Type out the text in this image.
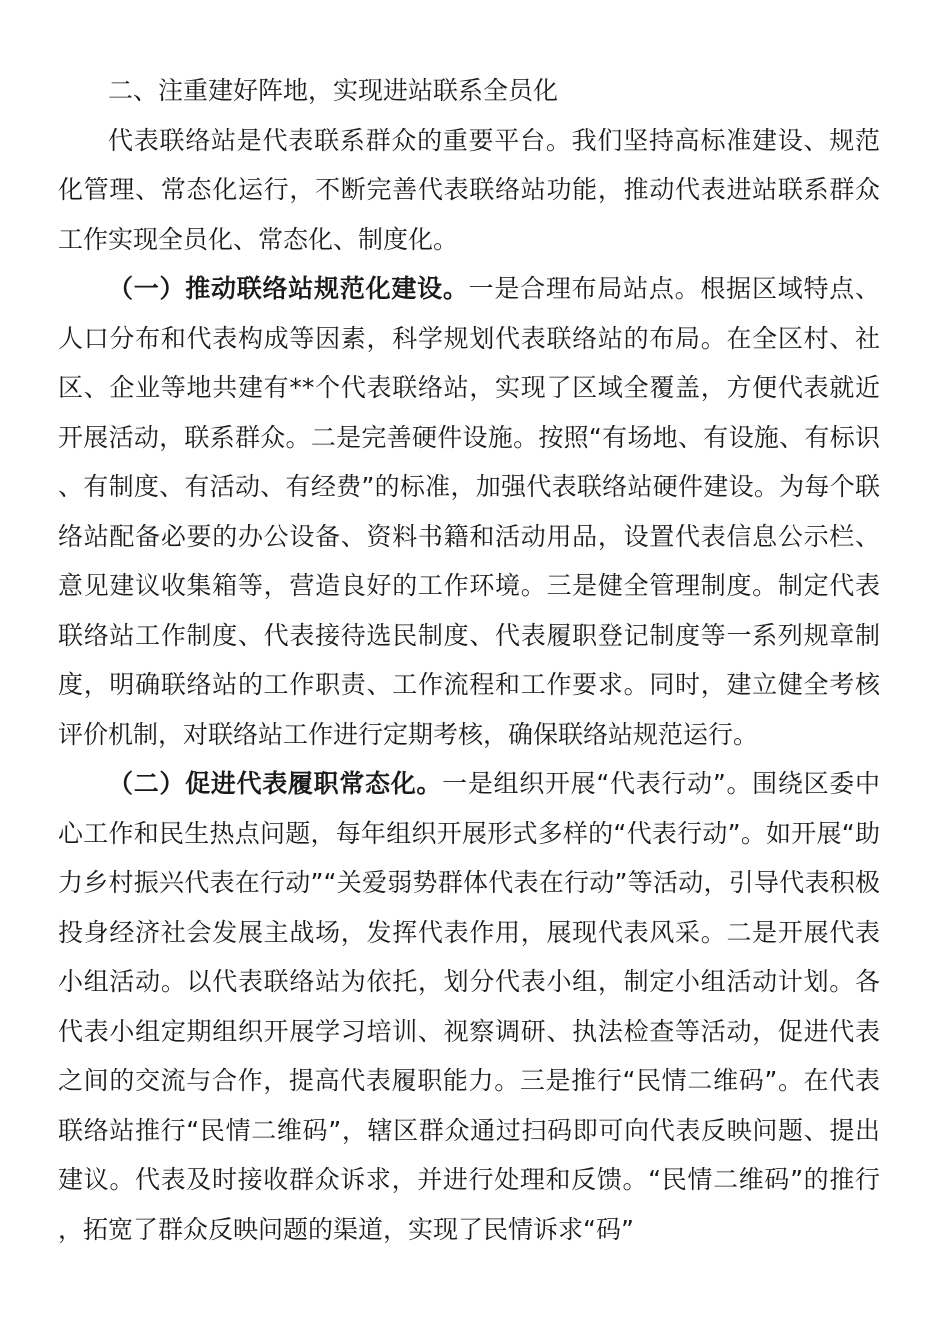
二、注重建好阵地，实现进站联系全员化

代表联络站是代表联系群众的重要平台。我们坚持高标准建设、规范化管理、常态化运行，不断完善代表联络站功能，推动代表进站联系群众工作实现全员化、常态化、制度化。

（一）推动联络站规范化建设。一是合理布局站点。根据区域特点、人口分布和代表构成等因素，科学规划代表联络站的布局。在全区村、社区、企业等地共建有**个代表联络站，实现了区域全覆盖，方便代表就近开展活动，联系群众。二是完善硬件设施。按照“有场地、有设施、有标识、有制度、有活动、有经费”的标准，加强代表联络站硬件建设。为每个联络站配备必要的办公设备、资料书籍和活动用品，设置代表信息公示栏、意见建议收集箱等，营造良好的工作环境。三是健全管理制度。制定代表联络站工作制度、代表接待选民制度、代表履职登记制度等一系列规章制度，明确联络站的工作职责、工作流程和工作要求。同时，建立健全考核评价机制，对联络站工作进行定期考核，确保联络站规范运行。

（二）促进代表履职常态化。一是组织开展“代表行动”。围绕区委中心工作和民生热点问题，每年组织开展形式多样的“代表行动”。如开展“助力乡村振兴代表在行动”“关爱弱势群体代表在行动”等活动，引导代表积极投身经济社会发展主战场，发挥代表作用，展现代表风采。二是开展代表小组活动。以代表联络站为依托，划分代表小组，制定小组活动计划。各代表小组定期组织开展学习培训、视察调研、执法检查等活动，促进代表之间的交流与合作，提高代表履职能力。三是推行“民情二维码”。在代表联络站推行“民情二维码”，辖区群众通过扫码即可向代表反映问题、提出建议。代表及时接收群众诉求，并进行处理和反馈。“民情二维码”的推行，拓宽了群众反映问题的渠道，实现了民情诉求“码”
